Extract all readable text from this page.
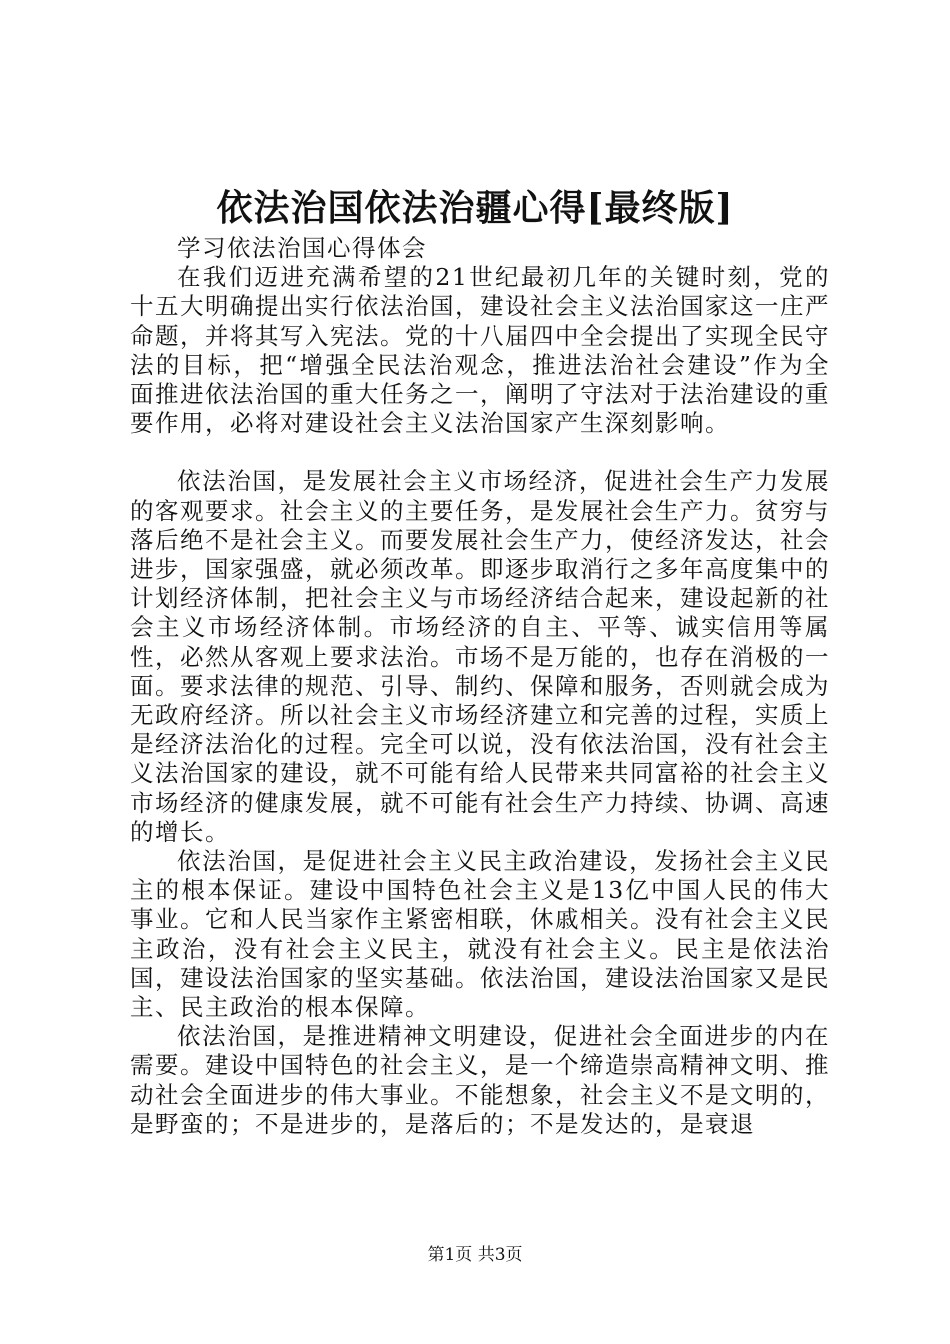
依法治国依法治疆心得[最终版]

学习依法治国心得体会

在我们迈进充满希望的21世纪最初几年的关键时刻，党的十五大明确提出实行依法治国，建设社会主义法治国家这一庄严命题，并将其写入宪法。党的十八届四中全会提出了实现全民守法的目标，把“增强全民法治观念，推进法治社会建设”作为全面推进依法治国的重大任务之一，阐明了守法对于法治建设的重要作用，必将对建设社会主义法治国家产生深刻影响。

依法治国，是发展社会主义市场经济，促进社会生产力发展的客观要求。社会主义的主要任务，是发展社会生产力。贫穷与落后绝不是社会主义。而要发展社会生产力，使经济发达，社会进步，国家强盛，就必须改革。即逐步取消行之多年高度集中的计划经济体制，把社会主义与市场经济结合起来，建设起新的社会主义市场经济体制。市场经济的自主、平等、诚实信用等属性，必然从客观上要求法治。市场不是万能的，也存在消极的一面。要求法律的规范、引导、制约、保障和服务，否则就会成为无政府经济。所以社会主义市场经济建立和完善的过程，实质上是经济法治化的过程。完全可以说，没有依法治国，没有社会主义法治国家的建设，就不可能有给人民带来共同富裕的社会主义市场经济的健康发展，就不可能有社会生产力持续、协调、高速的增长。

依法治国，是促进社会主义民主政治建设，发扬社会主义民主的根本保证。建设中国特色社会主义是13亿中国人民的伟大事业。它和人民当家作主紧密相联，休戚相关。没有社会主义民主政治，没有社会主义民主，就没有社会主义。民主是依法治国，建设法治国家的坚实基础。依法治国，建设法治国家又是民主、民主政治的根本保障。

依法治国，是推进精神文明建设，促进社会全面进步的内在需要。建设中国特色的社会主义，是一个缔造崇高精神文明、推动社会全面进步的伟大事业。不能想象，社会主义不是文明的，是野蛮的；不是进步的，是落后的；不是发达的，是衰退

第1页 共3页
